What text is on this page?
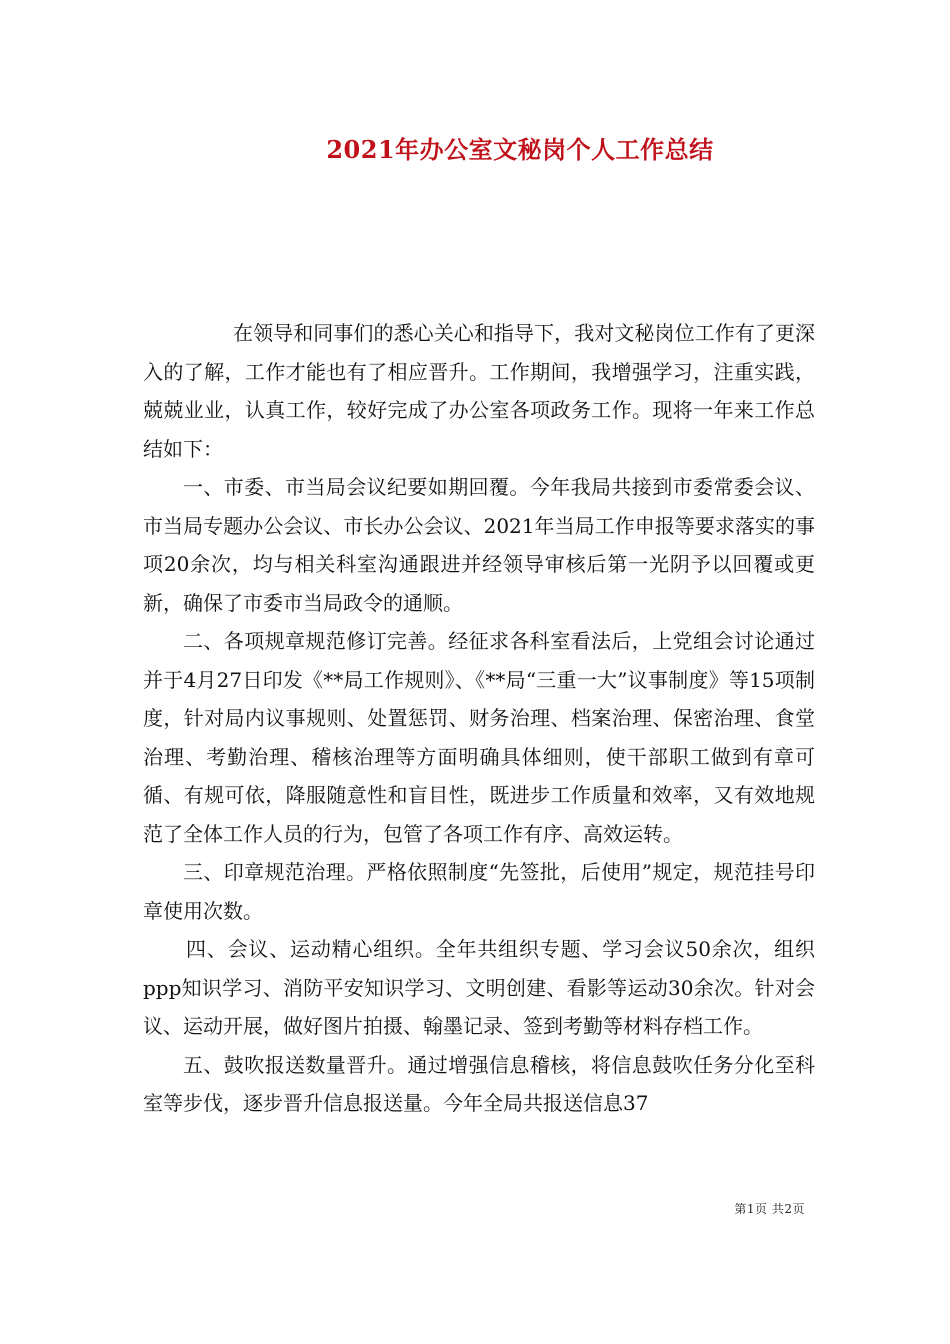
2021年办公室文秘岗个人工作总结

在领导和同事们的悉心关心和指导下，我对文秘岗位工作有了更深入的了解，工作才能也有了相应晋升。工作期间，我增强学习，注重实践，兢兢业业，认真工作，较好完成了办公室各项政务工作。现将一年来工作总结如下：

一、市委、市当局会议纪要如期回覆。今年我局共接到市委常委会议、市当局专题办公会议、市长办公会议、2021年当局工作申报等要求落实的事项20余次，均与相关科室沟通跟进并经领导审核后第一光阴予以回覆或更新，确保了市委市当局政令的通顺。

二、各项规章规范修订完善。经征求各科室看法后，上党组会讨论通过并于4月27日印发《**局工作规则》、《**局“三重一大”议事制度》等15项制度，针对局内议事规则、处置惩罚、财务治理、档案治理、保密治理、食堂治理、考勤治理、稽核治理等方面明确具体细则，使干部职工做到有章可循、有规可依，降服随意性和盲目性，既进步工作质量和效率，又有效地规范了全体工作人员的行为，包管了各项工作有序、高效运转。

三、印章规范治理。严格依照制度“先签批，后使用”规定，规范挂号印章使用次数。

四、会议、运动精心组织。全年共组织专题、学习会议50余次，组织ppp知识学习、消防平安知识学习、文明创建、看影等运动30余次。针对会议、运动开展，做好图片拍摄、翰墨记录、签到考勤等材料存档工作。

五、鼓吹报送数量晋升。通过增强信息稽核，将信息鼓吹任务分化至科室等步伐，逐步晋升信息报送量。今年全局共报送信息37

第1页 共2页
